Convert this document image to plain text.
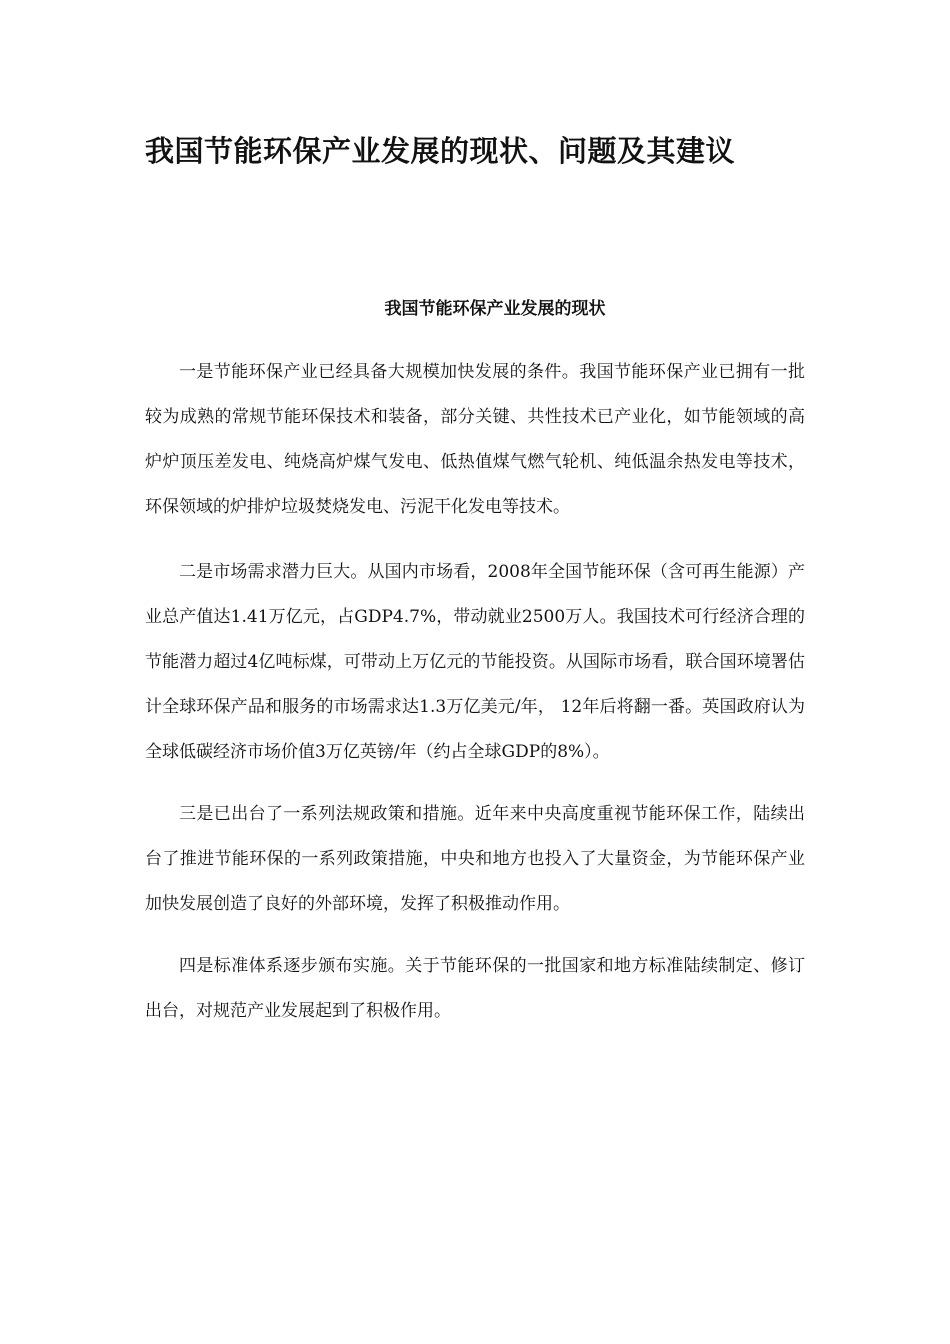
我国节能环保产业发展的现状、问题及其建议
我国节能环保产业发展的现状

一是节能环保产业已经具备大规模加快发展的条件。我国节能环保产业已拥有一批较为成熟的常规节能环保技术和装备，部分关键、共性技术已产业化，如节能领域的高炉炉顶压差发电、纯烧高炉煤气发电、低热值煤气燃气轮机、纯低温余热发电等技术，环保领域的炉排炉垃圾焚烧发电、污泥干化发电等技术。

二是市场需求潜力巨大。从国内市场看，2008年全国节能环保（含可再生能源）产业总产值达1.41万亿元，占GDP4.7%，带动就业2500万人。我国技术可行经济合理的节能潜力超过4亿吨标煤，可带动上万亿元的节能投资。从国际市场看，联合国环境署估计全球环保产品和服务的市场需求达1.3万亿美元/年， 12年后将翻一番。英国政府认为全球低碳经济市场价值3万亿英镑/年（约占全球GDP的8%）。

三是已出台了一系列法规政策和措施。近年来中央高度重视节能环保工作，陆续出台了推进节能环保的一系列政策措施，中央和地方也投入了大量资金，为节能环保产业加快发展创造了良好的外部环境，发挥了积极推动作用。

四是标准体系逐步颁布实施。关于节能环保的一批国家和地方标准陆续制定、修订出台，对规范产业发展起到了积极作用。
